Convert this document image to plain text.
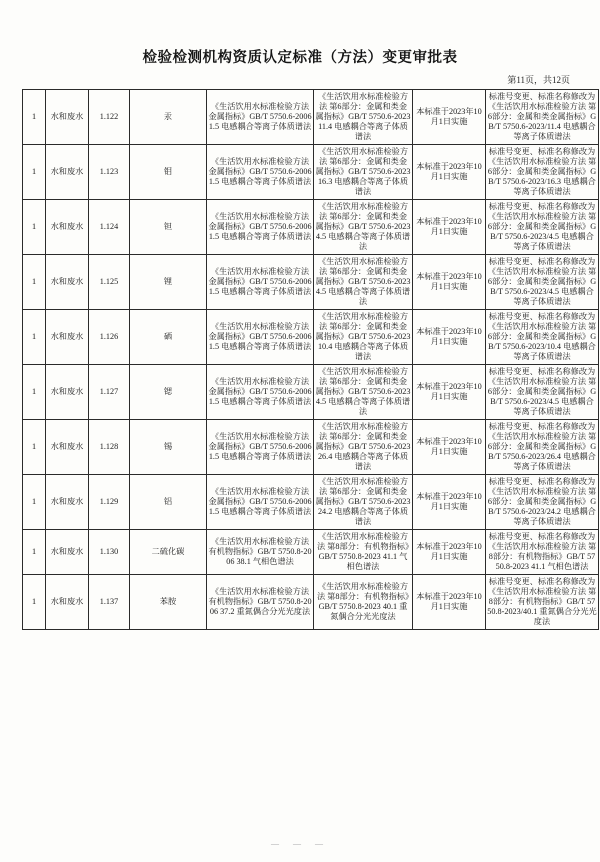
检验检测机构资质认定标准（方法）变更审批表
第11页，共12页
1	水和废水	1.122	汞	《生活饮用水标准检验方法 金属指标》GB/T 5750.6-2006 1.5 电感耦合等离子体质谱法	《生活饮用水标准检验方法 第6部分：金属和类金属指标》GB/T 5750.6-2023 11.4 电感耦合等离子体质谱法	本标准于2023年10月1日实施	标准号变更、标准名称修改为《生活饮用水标准检验方法 第6部分：金属和类金属指标》GB/T 5750.6-2023/11.4 电感耦合等离子体质谱法
1	水和废水	1.123	钼	《生活饮用水标准检验方法 金属指标》GB/T 5750.6-2006 1.5 电感耦合等离子体质谱法	《生活饮用水标准检验方法 第6部分：金属和类金属指标》GB/T 5750.6-2023 16.3 电感耦合等离子体质谱法	本标准于2023年10月1日实施	标准号变更、标准名称修改为《生活饮用水标准检验方法 第6部分：金属和类金属指标》GB/T 5750.6-2023/16.3 电感耦合等离子体质谱法
1	水和废水	1.124	钽	《生活饮用水标准检验方法 金属指标》GB/T 5750.6-2006 1.5 电感耦合等离子体质谱法	《生活饮用水标准检验方法 第6部分：金属和类金属指标》GB/T 5750.6-2023 4.5 电感耦合等离子体质谱法	本标准于2023年10月1日实施	标准号变更、标准名称修改为《生活饮用水标准检验方法 第6部分：金属和类金属指标》GB/T 5750.6-2023/4.5 电感耦合等离子体质谱法
1	水和废水	1.125	锂	《生活饮用水标准检验方法 金属指标》GB/T 5750.6-2006 1.5 电感耦合等离子体质谱法	《生活饮用水标准检验方法 第6部分：金属和类金属指标》GB/T 5750.6-2023 4.5 电感耦合等离子体质谱法	本标准于2023年10月1日实施	标准号变更、标准名称修改为《生活饮用水标准检验方法 第6部分：金属和类金属指标》GB/T 5750.6-2023/4.5 电感耦合等离子体质谱法
1	水和废水	1.126	硒	《生活饮用水标准检验方法 金属指标》GB/T 5750.6-2006 1.5 电感耦合等离子体质谱法	《生活饮用水标准检验方法 第6部分：金属和类金属指标》GB/T 5750.6-2023 10.4 电感耦合等离子体质谱法	本标准于2023年10月1日实施	标准号变更、标准名称修改为《生活饮用水标准检验方法 第6部分：金属和类金属指标》GB/T 5750.6-2023/10.4 电感耦合等离子体质谱法
1	水和废水	1.127	锶	《生活饮用水标准检验方法 金属指标》GB/T 5750.6-2006 1.5 电感耦合等离子体质谱法	《生活饮用水标准检验方法 第6部分：金属和类金属指标》GB/T 5750.6-2023 4.5 电感耦合等离子体质谱法	本标准于2023年10月1日实施	标准号变更、标准名称修改为《生活饮用水标准检验方法 第6部分：金属和类金属指标》GB/T 5750.6-2023/4.5 电感耦合等离子体质谱法
1	水和废水	1.128	锡	《生活饮用水标准检验方法 金属指标》GB/T 5750.6-2006 1.5 电感耦合等离子体质谱法	《生活饮用水标准检验方法 第6部分：金属和类金属指标》GB/T 5750.6-2023 26.4 电感耦合等离子体质谱法	本标准于2023年10月1日实施	标准号变更、标准名称修改为《生活饮用水标准检验方法 第6部分：金属和类金属指标》GB/T 5750.6-2023/26.4 电感耦合等离子体质谱法
1	水和废水	1.129	铝	《生活饮用水标准检验方法 金属指标》GB/T 5750.6-2006 1.5 电感耦合等离子体质谱法	《生活饮用水标准检验方法 第6部分：金属和类金属指标》GB/T 5750.6-2023 24.2 电感耦合等离子体质谱法	本标准于2023年10月1日实施	标准号变更、标准名称修改为《生活饮用水标准检验方法 第6部分：金属和类金属指标》GB/T 5750.6-2023/24.2 电感耦合等离子体质谱法
1	水和废水	1.130	二硫化碳	《生活饮用水标准检验方法 有机物指标》GB/T 5750.8-2006 38.1 气相色谱法	《生活饮用水标准检验方法 第8部分：有机物指标》GB/T 5750.8-2023 41.1 气相色谱法	本标准于2023年10月1日实施	标准号变更、标准名称修改为《生活饮用水标准检验方法 第8部分：有机物指标》GB/T 5750.8-2023 41.1 气相色谱法
1	水和废水	1.137	苯胺	《生活饮用水标准检验方法 有机物指标》GB/T 5750.8-2006 37.2 重氮偶合分光光度法	《生活饮用水标准检验方法 第8部分：有机物指标》GB/T 5750.8-2023 40.1 重氮偶合分光光度法	本标准于2023年10月1日实施	标准号变更、标准名称修改为《生活饮用水标准检验方法 第8部分：有机物指标》GB/T 5750.8-2023/40.1 重氮偶合分光光度法
— — —
